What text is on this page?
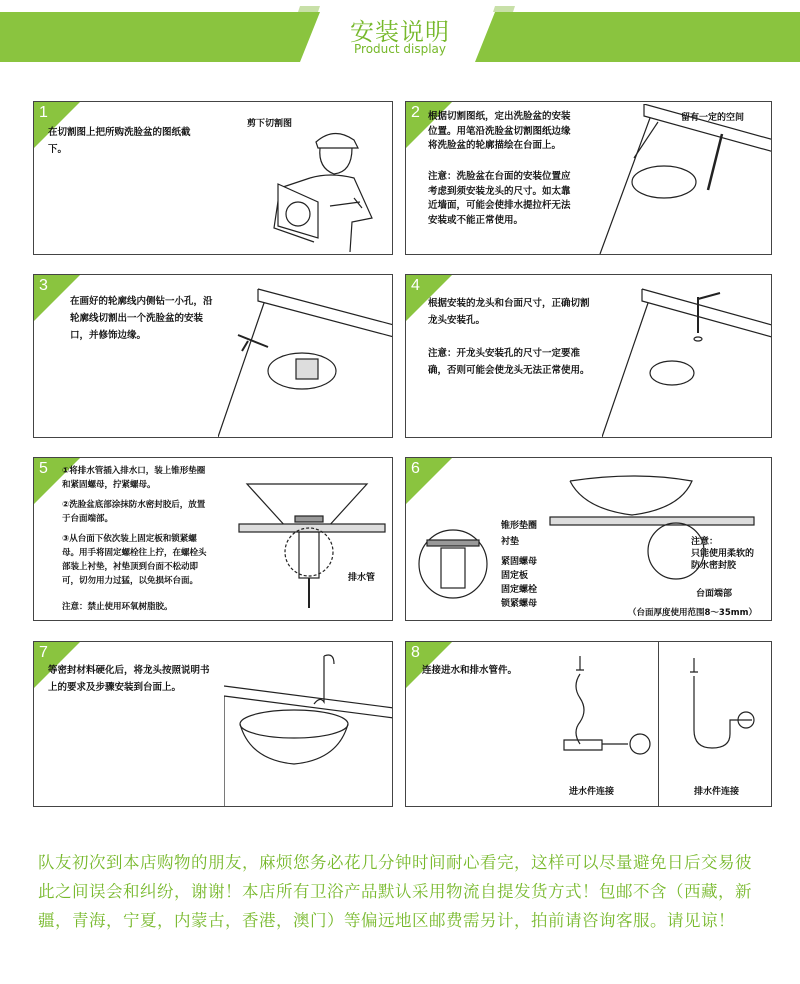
安装说明
Product display
1
在切割图上把所购洗脸盆的图纸截下。
剪下切割图
2 根据切割图纸，定出洗脸盆的安装位置。用笔沿洗脸盆切割图纸边缘将洗脸盆的轮廓描绘在台面上。
注意：洗脸盆在台面的安装位置应考虑到须安装龙头的尺寸。如太靠近墙面，可能会使排水提拉杆无法安装或不能正常使用。
留有一定的空间
3
在画好的轮廓线内侧钻一小孔，沿轮廓线切割出一个洗脸盆的安装口，并修饰边缘。
4
根据安装的龙头和台面尺寸，正确切割龙头安装孔。
注意：开龙头安装孔的尺寸一定要准确，否则可能会使龙头无法正常使用。
5 ①将排水管插入排水口，装上锥形垫圈和紧固螺母，拧紧螺母。
②洗脸盆底部涂抹防水密封胶后，放置于台面端部。
③从台面下依次装上固定板和锁紧螺母。用手将固定螺栓往上拧，在螺栓头部装上衬垫，衬垫顶到台面不松动即可，切勿用力过猛，以免损坏台面。
注意：禁止使用环氧树脂胶。
排水管
6
锥形垫圈
衬垫
紧固螺母
固定板
固定螺栓
锁紧螺母
注意：
只能使用柔软的
防水密封胶
台面端部
（台面厚度使用范围8～35mm）
7
等密封材料硬化后，将龙头按照说明书上的要求及步骤安装到台面上。
8
连接进水和排水管件。
进水件连接	排水件连接
队友初次到本店购物的朋友，麻烦您务必花几分钟时间耐心看完，这样可以尽量避免日后交易彼此之间误会和纠纷，谢谢！本店所有卫浴产品默认采用物流自提发货方式！包邮不含（西藏，新疆，青海，宁夏，内蒙古，香港，澳门）等偏远地区邮费需另计，拍前请咨询客服。请见谅！
